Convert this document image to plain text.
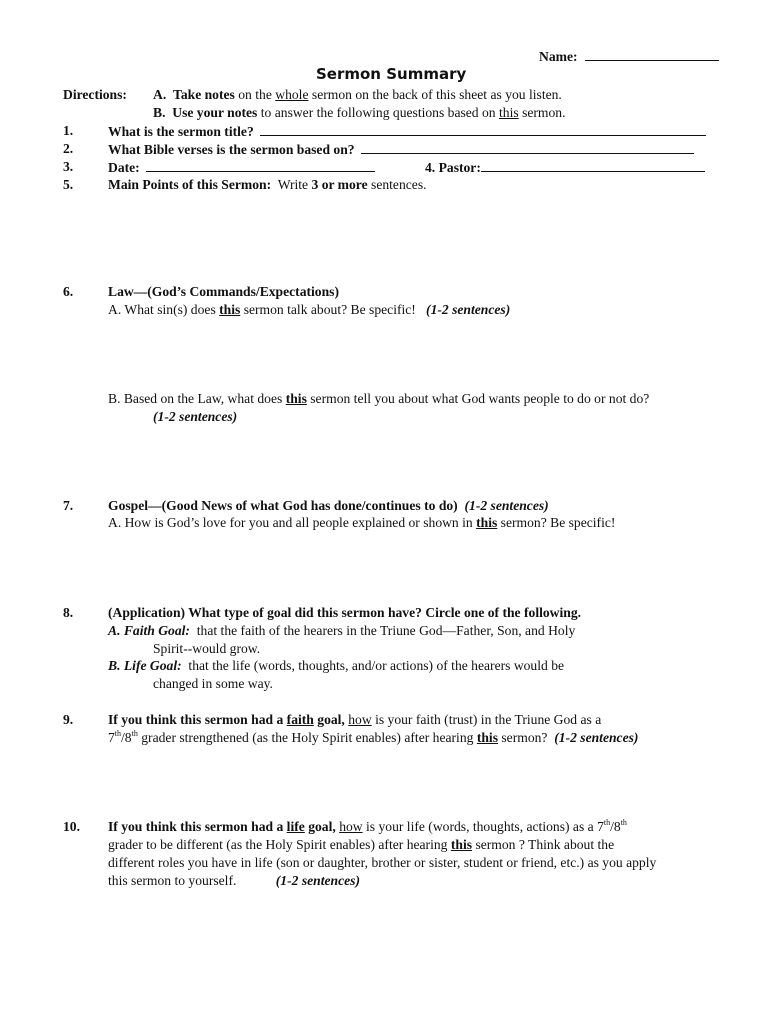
Name:
Sermon Summary
Directions: A. Take notes on the whole sermon on the back of this sheet as you listen.
B. Use your notes to answer the following questions based on this sermon.
1.	What is the sermon title?
2.	What Bible verses is the sermon based on?
3.	Date:	4. Pastor:
5.	Main Points of this Sermon: Write 3 or more sentences.
6.	Law—(God’s Commands/Expectations)
A. What sin(s) does this sermon talk about? Be specific! (1-2 sentences)
B. Based on the Law, what does this sermon tell you about what God wants people to do or not do?
(1-2 sentences)
7.	Gospel—(Good News of what God has done/continues to do) (1-2 sentences)
A. How is God’s love for you and all people explained or shown in this sermon? Be specific!
8.	(Application) What type of goal did this sermon have? Circle one of the following.
A. Faith Goal: that the faith of the hearers in the Triune God—Father, Son, and Holy
Spirit--would grow.
B. Life Goal: that the life (words, thoughts, and/or actions) of the hearers would be
changed in some way.
9.	If you think this sermon had a faith goal, how is your faith (trust) in the Triune God as a
7th/8th grader strengthened (as the Holy Spirit enables) after hearing this sermon? (1-2 sentences)
10. If you think this sermon had a life goal, how is your life (words, thoughts, actions) as a 7th/8th
grader to be different (as the Holy Spirit enables) after hearing this sermon ? Think about the
different roles you have in life (son or daughter, brother or sister, student or friend, etc.) as you apply
this sermon to yourself.	(1-2 sentences)
